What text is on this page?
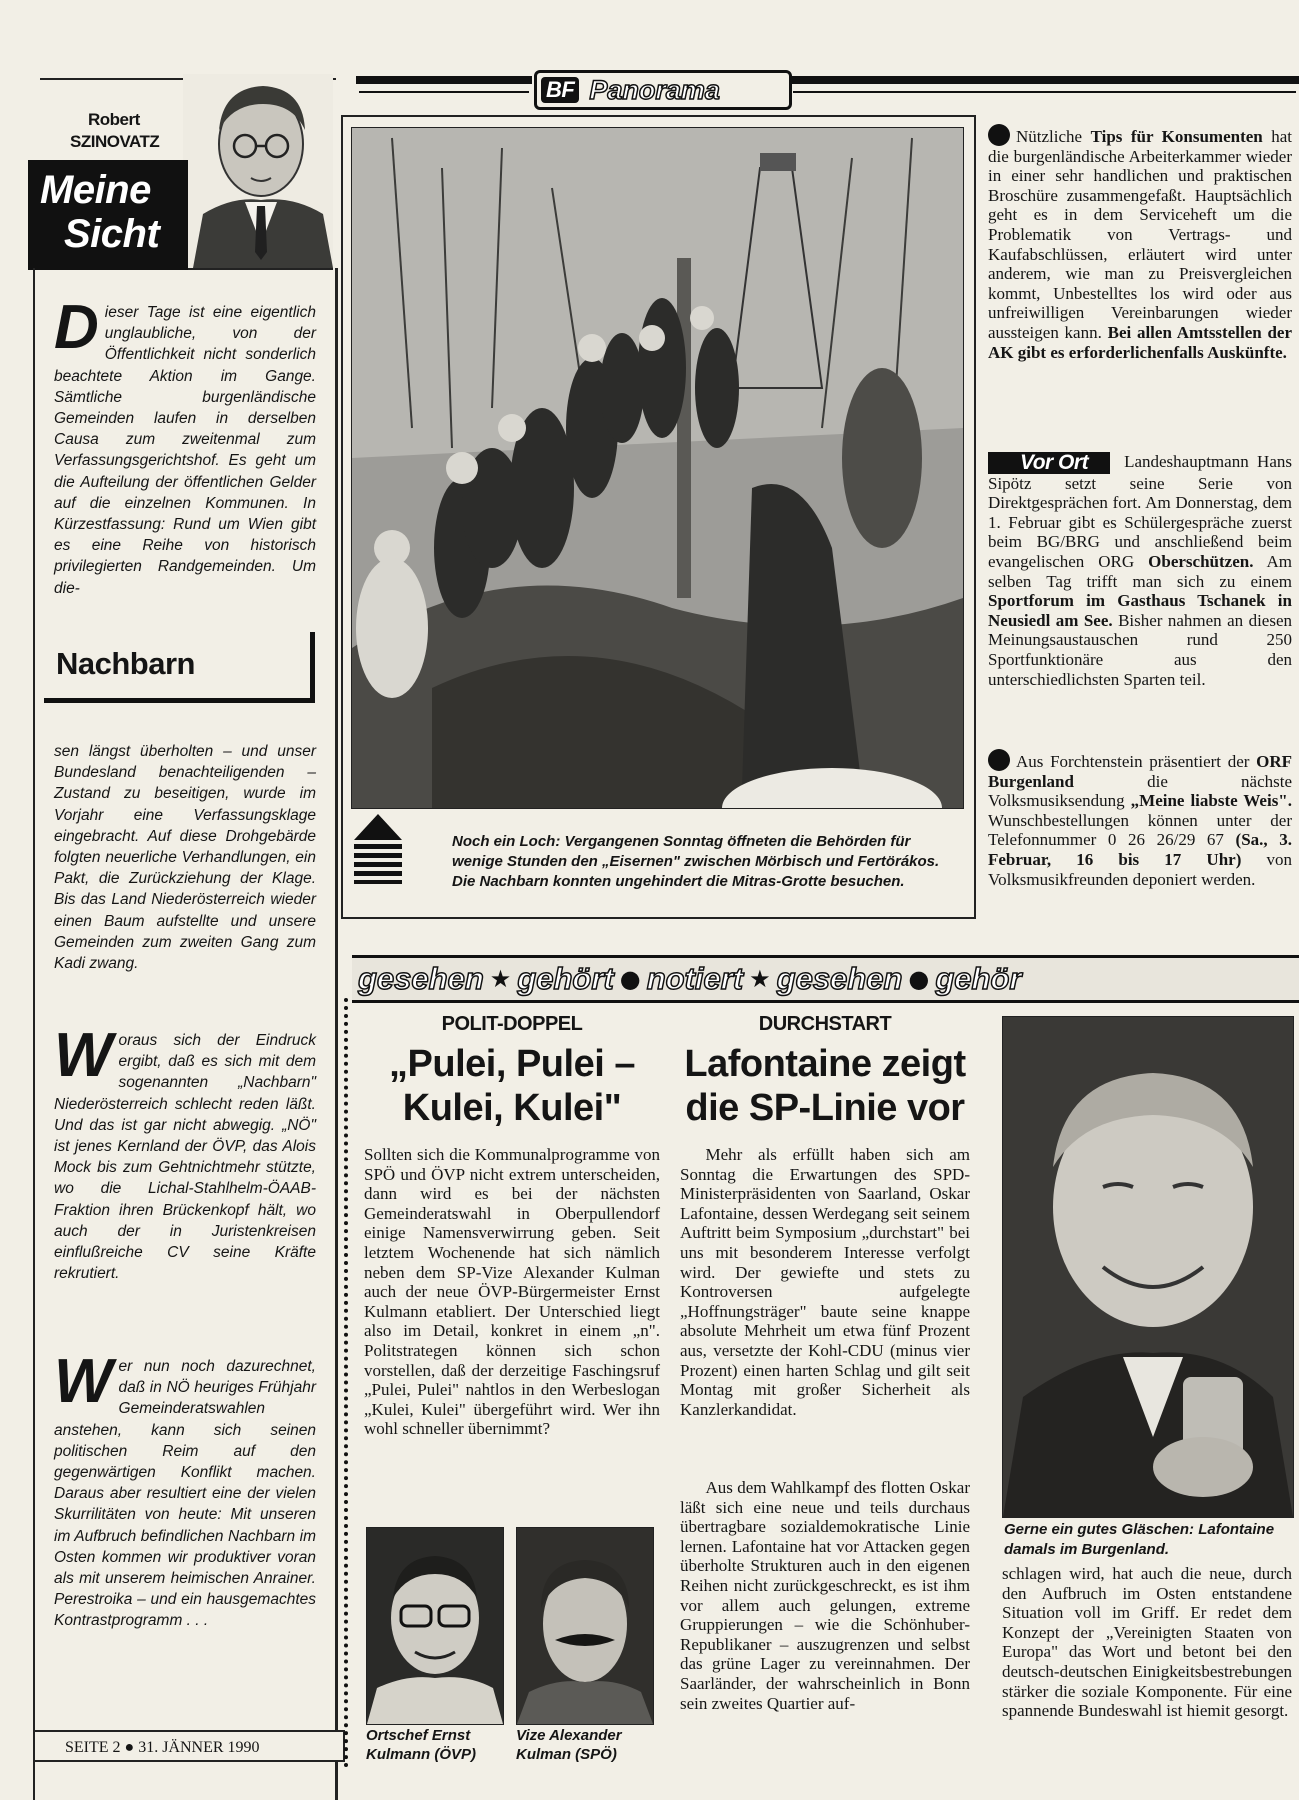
Robert
SZINOVATZ
Meine
Sicht
Dieser Tage ist eine eigentlich unglaubliche, von der Öffentlichkeit nicht sonderlich beachtete Aktion im Gange. Sämtliche burgenländische Gemeinden laufen in derselben Causa zum zweitenmal zum Verfassungsgerichtshof. Es geht um die Aufteilung der öffentlichen Gelder auf die einzelnen Kommunen. In Kürzestfassung: Rund um Wien gibt es eine Reihe von historisch privilegierten Randgemeinden. Um die-
Nachbarn
sen längst überholten – und unser Bundesland benachteiligenden – Zustand zu beseitigen, wurde im Vorjahr eine Verfassungsklage eingebracht. Auf diese Drohgebärde folgten neuerliche Verhandlungen, ein Pakt, die Zurückziehung der Klage. Bis das Land Niederösterreich wieder einen Baum aufstellte und unsere Gemeinden zum zweiten Gang zum Kadi zwang.
Woraus sich der Eindruck ergibt, daß es sich mit dem sogenannten „Nachbarn" Niederösterreich schlecht reden läßt. Und das ist gar nicht abwegig. „NÖ" ist jenes Kernland der ÖVP, das Alois Mock bis zum Gehtnichtmehr stützte, wo die Lichal-Stahlhelm-ÖAAB-Fraktion ihren Brückenkopf hält, wo auch der in Juristenkreisen einflußreiche CV seine Kräfte rekrutiert.
Wer nun noch dazurechnet, daß in NÖ heuriges Frühjahr Gemeinderatswahlen anstehen, kann sich seinen politischen Reim auf den gegenwärtigen Konflikt machen. Daraus aber resultiert eine der vielen Skurrilitäten von heute: Mit unseren im Aufbruch befindlichen Nachbarn im Osten kommen wir produktiver voran als mit unserem heimischen Anrainer. Perestroika – und ein hausgemachtes Kontrastprogramm . . .
SEITE 2 ● 31. JÄNNER 1990
BF Panorama
Noch ein Loch: Vergangenen Sonntag öffneten die Behörden für wenige Stunden den „Eisernen" zwischen Mörbisch und Fertörákos. Die Nachbarn konnten ungehindert die Mitras-Grotte besuchen.
Nützliche Tips für Konsumenten hat die burgenländische Arbeiterkammer wieder in einer sehr handlichen und praktischen Broschüre zusammengefaßt. Hauptsächlich geht es in dem Serviceheft um die Problematik von Vertrags- und Kaufabschlüssen, erläutert wird unter anderem, wie man zu Preisvergleichen kommt, Unbestelltes los wird oder aus unfreiwilligen Vereinbarungen wieder aussteigen kann. Bei allen Amtsstellen der AK gibt es erforderlichenfalls Auskünfte.
Vor Ort Landeshauptmann Hans Sipötz setzt seine Serie von Direktgesprächen fort. Am Donnerstag, dem 1. Februar gibt es Schülergespräche zuerst beim BG/BRG und anschließend beim evangelischen ORG Oberschützen. Am selben Tag trifft man sich zu einem Sportforum im Gasthaus Tschanek in Neusiedl am See. Bisher nahmen an diesen Meinungsaustauschen rund 250 Sportfunktionäre aus den unterschiedlichsten Sparten teil.
Aus Forchtenstein präsentiert der ORF Burgenland	die nächste Volksmusiksendung „Meine liabste Weis". Wunschbestellungen können unter der Telefonnummer 0 26 26/29 67 (Sa., 3. Februar, 16 bis 17 Uhr) von Volksmusikfreunden deponiert werden.
gesehen ★ gehört ● notiert ★ gesehen ● gehör
POLIT-DOPPEL
„Pulei, Pulei – Kulei, Kulei"
Sollten sich die Kommunalprogramme von SPÖ und ÖVP nicht extrem unterscheiden, dann wird es bei der nächsten Gemeinderatswahl in Oberpullendorf einige Namensverwirrung geben. Seit letztem Wochenende hat sich nämlich neben dem SP-Vize Alexander Kulman auch der neue ÖVP-Bürgermeister Ernst Kulmann etabliert. Der Unterschied liegt also im Detail, konkret in einem „n". Politstrategen können sich schon vorstellen, daß der derzeitige Faschingsruf „Pulei, Pulei" nahtlos in den Werbeslogan „Kulei, Kulei" übergeführt wird. Wer ihn wohl schneller übernimmt?
Ortschef Ernst Kulmann (ÖVP)
Vize Alexander Kulman (SPÖ)
DURCHSTART
Lafontaine zeigt die SP-Linie vor
Mehr als erfüllt haben sich am Sonntag die Erwartungen des SPD-Ministerpräsidenten von Saarland, Oskar Lafontaine, dessen Werdegang seit seinem Auftritt beim Symposium „durchstart" bei uns mit besonderem Interesse verfolgt wird. Der gewiefte und stets zu Kontroversen aufgelegte „Hoffnungsträger" baute seine knappe absolute Mehrheit um etwa fünf Prozent aus, versetzte der Kohl-CDU (minus vier Prozent) einen harten Schlag und gilt seit Montag mit großer Sicherheit als Kanzlerkandidat.
Aus dem Wahlkampf des flotten Oskar läßt sich eine neue und teils durchaus übertragbare sozialdemokratische Linie lernen. Lafontaine hat vor Attacken gegen überholte Strukturen auch in den eigenen Reihen nicht zurückgeschreckt, es ist ihm vor allem auch gelungen, extreme Gruppierungen – wie die Schönhuber-Republikaner – auszugrenzen und selbst das grüne Lager zu vereinnahmen. Der Saarländer, der wahrscheinlich in Bonn sein zweites Quartier auf-
Gerne ein gutes Gläschen: Lafontaine damals im Burgenland.
schlagen wird, hat auch die neue, durch den Aufbruch im Osten entstandene Situation voll im Griff. Er redet dem Konzept der „Vereinigten Staaten von Europa" das Wort und betont bei den deutsch-deutschen Einigkeitsbestrebungen stärker die soziale Komponente. Für eine spannende Bundeswahl ist hiemit gesorgt.
